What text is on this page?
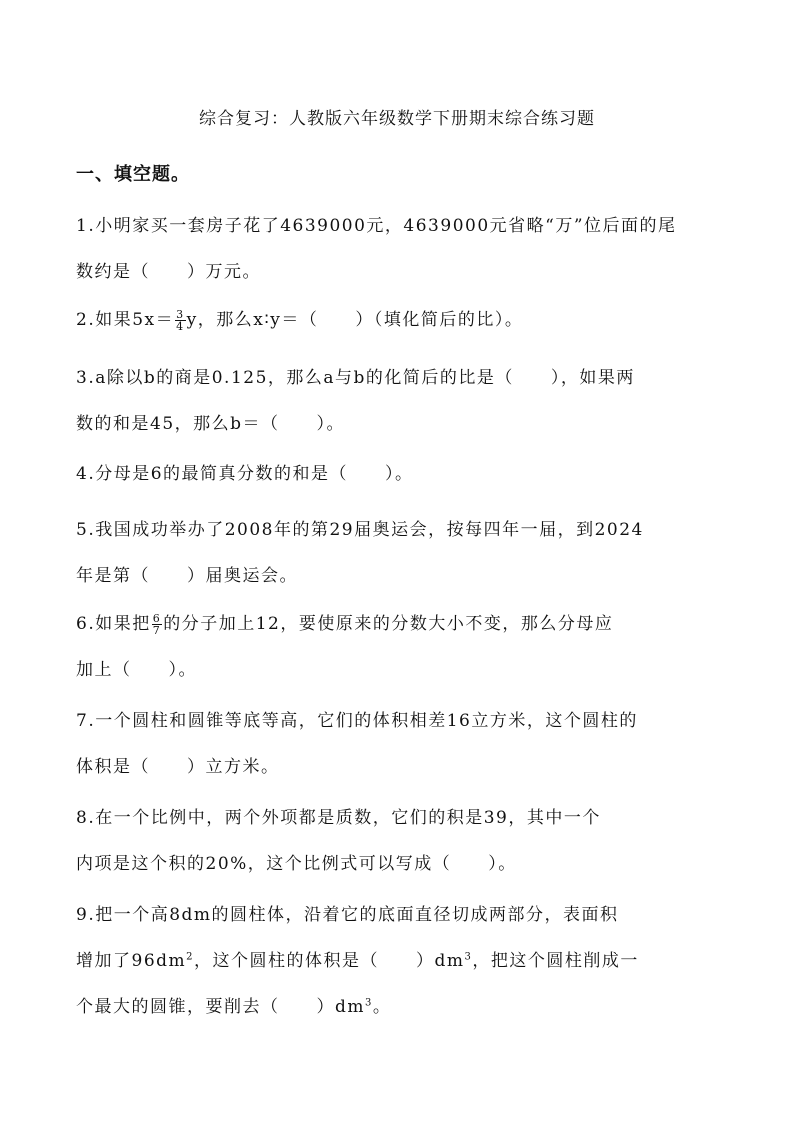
综合复习：人教版六年级数学下册期末综合练习题
一、填空题。
1.小明家买一套房子花了4639000元，4639000元省略“万”位后面的尾
数约是（　　）万元。
2.如果$5x= \frac{3}{4}$ y，那么x∶y＝（　　）（填化简后的比）。
3.a除以b的商是0.125，那么a与b的化简后的比是（　　），如果两
数的和是45，那么b＝（　　）。
4.分母是6的最简真分数的和是（　　）。
5.我国成功举办了2008年的第29届奥运会，按每四年一届，到2024
年是第（　　）届奥运会。
6.如果把 $\frac{6}{7}$ 的分子加上12，要使原来的分数大小不变，那么分母应
加上（　　）。
7.一个圆柱和圆锥等底等高，它们的体积相差16立方米，这个圆柱的
体积是（　　）立方米。
8.在一个比例中，两个外项都是质数，它们的积是39，其中一个
内项是这个积的20%，这个比例式可以写成（　　）。
9.把一个高8dm的圆柱体，沿着它的底面直径切成两部分，表面积
增加了$96dm^2$，这个圆柱的体积是（　　）$dm^3$，把这个圆柱削成一
个最大的圆锥，要削去（　　）$dm^3$。
